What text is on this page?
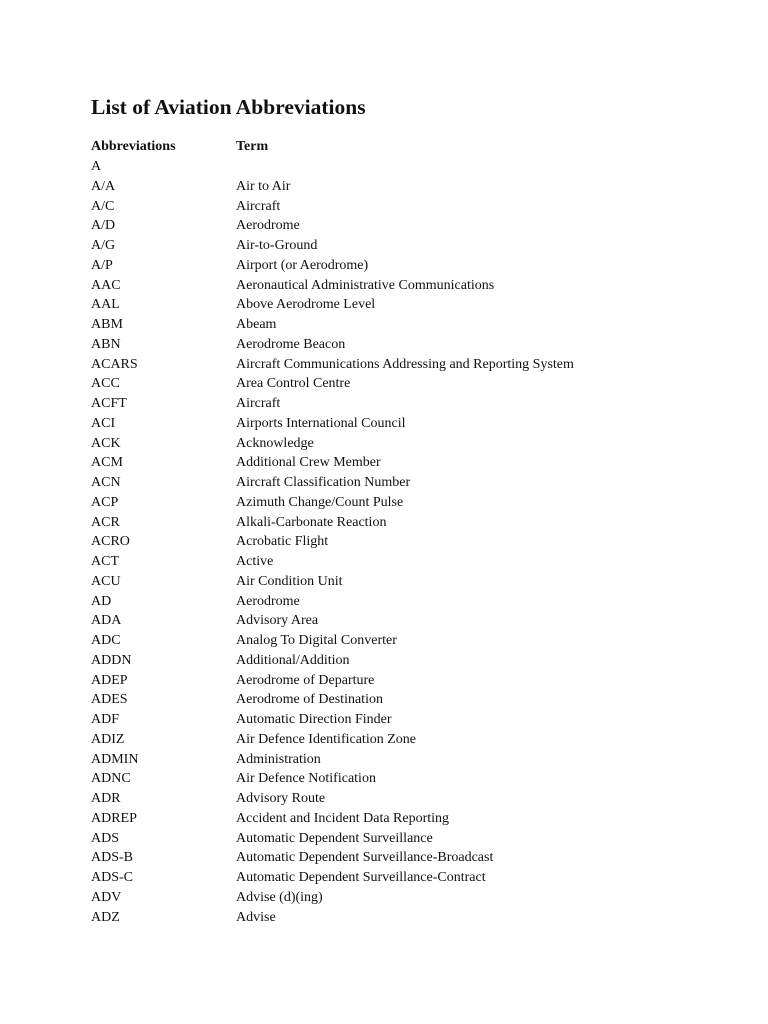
List of Aviation Abbreviations
Abbreviations	Term
A
A/A	Air to Air
A/C	Aircraft
A/D	Aerodrome
A/G	Air-to-Ground
A/P	Airport (or Aerodrome)
AAC	Aeronautical Administrative Communications
AAL	Above Aerodrome Level
ABM	Abeam
ABN	Aerodrome Beacon
ACARS	Aircraft Communications Addressing and Reporting System
ACC	Area Control Centre
ACFT	Aircraft
ACI	Airports International Council
ACK	Acknowledge
ACM	Additional Crew Member
ACN	Aircraft Classification Number
ACP	Azimuth Change/Count Pulse
ACR	Alkali-Carbonate Reaction
ACRO	Acrobatic Flight
ACT	Active
ACU	Air Condition Unit
AD	Aerodrome
ADA	Advisory Area
ADC	Analog To Digital Converter
ADDN	Additional/Addition
ADEP	Aerodrome of Departure
ADES	Aerodrome of Destination
ADF	Automatic Direction Finder
ADIZ	Air Defence Identification Zone
ADMIN	Administration
ADNC	Air Defence Notification
ADR	Advisory Route
ADREP	Accident and Incident Data Reporting
ADS	Automatic Dependent Surveillance
ADS-B	Automatic Dependent Surveillance-Broadcast
ADS-C	Automatic Dependent Surveillance-Contract
ADV	Advise (d)(ing)
ADZ	Advise
